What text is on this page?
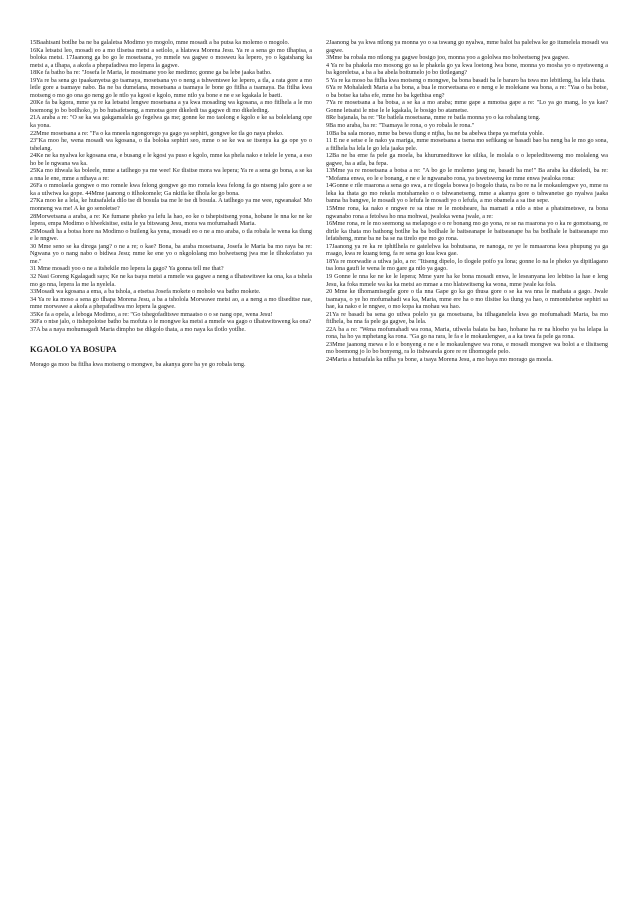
15Baahisani botlhe ba ne ba galaletsa Modimo yo mogolo, mme mosadi a ba putsa ka molemo o mogolo.

16Ka letsatsi leo, mosadi eo a mo tlisetsa metsi a setlolo, a hlatswa Morena Jesu. Ya re a sena go mo tlhapisa, a boloka metsi. 17Jaanong ga bo go le mosetsana, yo mmele wa gagwe o mosweu ka lepero, yo o kgatshang ka metsi a, a tlhapa, a akofa a phepafadiwa mo lepera la gagwe.

18Ke fa batho ba re: "Josefa le Maria, le mosimane yoo ke medimo; gonne ga ba lebe jaaka batho.

19Ya re ba sena go ipaakanyetsa go tsamaya, mosetsana yo o neng a tshwentswe ke lepero, a tla, a rata gore a mo letle gore a tsamaye nabo. Ba ne ba dumelana, mosetsana a tsamaya le bone go fitlha a tsamaya. Ba fitlha kwa motseng o mo go ona go neng go le ntlo ya kgosi e kgolo, mme ntlo ya bone e ne e se kgakala le baeti.

20Ke fa ba kgora, mme ya re ka letsatsi lengwe mosetsana a ya kwa mosading wa kgosana, a mo fitlhela a le mo boemong jo bo botlhoko, jo bo hutsafetseng, a mmotsa gore dikeledi tsa gagwe di mo dikeleding.

21A araba a re: "O se ka wa gakgamalela go fegelwa ga me; gonne ke mo taolong e kgolo e ke sa bolelelang ope ka yona.

22Mme mosetsana a re: "Fa o ka mneela ngongorego ya gago ya sephiri, gongwe ke tla go naya pheko.

23"Ka moo he, wena mosadi wa kgosana, o tla boloka sephiri seo, mme o se ke wa se itsenya ka ga ope yo o tshelang.

24Ke ne ka nyalwa ke kgosana ena, e busang e le kgosi ya puso e kgolo, mme ka phela nako e telele le yena, a eso ho be le ngwana wa ka.

25Ka mo ithwala ka boleele, mme a tatlhego ya me wee! Ke tlisitse mora wa lepera; Ya re a sena go bona, a se ka a nna le ene, mme a nthaya a re:

26Fa o mmolaela gongwe o mo romele kwa felong gongwe go mo romela kwa felong fa go ntseng jalo gore a se ka a utlwiwa ka gope. 44Mme jaanong o itlhokomele; Ga nkitla ke tlhola ke go bona.

27Ka moo ke a lela, ke hutsafalela dilo tse di bosula tsa me le tse di bosula. A tatlhego ya me wee, ngwanaka! Mo monneng wa me! A ke go senoletse?

28Morwetsana a araba, a re: Ke fumane pheko ya lefu la hao, eo ke o tshepisitseng yona, hobane le nna ke ne ke lepera, empa Modimo o hlwekisitse, esita le ya bitswang Jesu, mora wa mofumahadi Maria.

29Mosadi ha a botsa hore na Modimo o buileng ka yena, mosadi eo o ne a mo araba, o tla robala le wena ka tlung e le nngwe.

30 Mme seno se ka direga jang? o ne a re; o kae? Bona, ba araba mosetsana, Josefa le Maria ba mo raya ba re: Ngwana yo o nang nabo o bidiwa Jesu; mme ke ene yo o nkgololang mo bolwetseng jwa me le tlhokofatso ya me."

31 Mme mosadi yoo o ne a itshekile mo lepera la gago? Ya gonna tell me that?

32 Nasi Goreng Kgalagadi says; Ke ne ka tsaya metsi a mmele wa gagwe a neng a tlhatswitswe ka ona, ka a tshela mo go nna, lepera la me la nyelela.

33Mosadi wa kgosana a ema, a ba tshola, a etsetsa Josefa mokete o moholo wa batho mokete.

34 Ya re ka moso a sena go tlhapa Morena Jesu, a ba a tsholola Morwawe metsi ao, a a neng a mo tliseditse nae, mme morwawe a akofa a phepafadiwa mo lepera la gagwe.

35Ke fa a opela, a leboga Modimo, a re: "Go tshegofaditswe mmaatso o o se nang ope, wena Jesu!

36Fa o ntse jalo, o itshepolotse batho ba mofuta o le mongwe ka metsi a mmele wa gago o tlhatswitsweng ka ona?

37A ba a naya mohumagadi Maria dimpho tse dikgolo thata, a mo naya ka tlotlo yotlhe.

KGAOLO YA BOSUPA

Morago ga moo ba fitlha kwa motseng o mongwe, ba akanya gore ba ye go robala teng.

2Jaanong ba ya kwa ntlong ya monna yo o sa tswang go nyalwa, mme baloi ba palelwa ke go itumelela mosadi wa gagwe.

3Mme ba robala mo ntlong ya gagwe bosigo joo, monna yoo a gololwa mo bolwetseng jwa gagwe.

4 Ya re ba phakela mo mosong go sa le phakela go ya kwa loetong lwa bone, monna yo mosha yo o nyetsweng a ba kgoreletsa, a ba a ba abela boitumelo jo bo tlotlegang?

5 Ya re ka moso ba fitlha kwa motseng o mongwe, ba bona basadi ba le bararo ba tswa mo lebitleng, ba lela thata.

6Ya re Mohalaledi Maria a ba bona, a bua le morwetsana eo e neng e le molekane wa bona, a re: "Yaa o ba botse, o ba botse ka taba efe, mme ho ba kgethisa eng?

7Ya re mosetsana a ba botsa, a se ka a mo araba; mme gape a mmotsa gape a re: "Lo ya go mang, lo ya kae? Gonne letsatsi le ntse le le kgakala, le bosigo bo atametse.

8Re bajanala, ba re: "Re batlela mosetsana, mme re batla monna yo o ka robalang teng.

9Ba mo araba, ba re: "Tsamaya le rona, o yo robala le rona."

10Ba ba sala morao, mme ba bewa tlung e ntjha, ba ne ba abelwa thepa ya mefuta yohle.

11 E ne e setse e le nako ya mariga, mme mosetsana a tsena mo sefikang se basadi bao ba neng ba le mo go sona, a fitlhela ba lela le go lela jaaka pele.

12Ba ne ba eme fa pele ga moela, ba khurumeditswe ke silika, le molala o o lepeleditsweng mo molaleng wa gagwe, ba a atla, ba fepa.

13Mme ya re mosetsana a botsa a re: "A bo go le molemo jang ne, basadi ba me!" Ba araba ka dikeledi, ba re: "Mofama enwa, eo le e bonang, e ne e le ngwanabo rona, ya tswetsweng ke mme enwa jwaloka rona:

14Gonne e rile rraarona a sena go swa, a re tlogela boswa jo bogolo thata, ra bo re na le mokaulengwe yo, mme ra leka ka thata go mo rekela motshameko o o tshwanetseng, mme a akanya gore o tshwanetse go nyalwa jaaka banna ba bangwe, le mosadi yo o lefufa le mosadi yo o lefufa, a mo obamela a sa itse sepe.

15Mme rona, ka nako e nngwe re sa ntse re le motsheare, ha mamati a ntlo a ntse a phatsimetswe, ra bona ngwanabo rona a fetolwa ho nna mohwai, jwaloka wena jwale, a re:

16Mme rona, re le mo seemong sa melapogo e o re bonang mo go yona, re se na rraarona yo o ka re gomotsang, re dirile ka thata mo bathong botlhe ba ba botlhale le baitseanape le baitseanape ba ba botlhale le baitseanape mo lefatsheng, mme ba ne ba se na tirelo epe mo go rona.

17Jaanong ya re ka re iphitlhela re gatelelwa ka bohutsana, re nanoga, re ye le mmaarona kwa phupung ya ga rraago, kwa re kuang teng, fa re sena go kua kwa gae.

18Ya re morwadie a utlwa jalo, a re: "Itiseng dipelo, lo tlogele poifo ya lona; gonne lo na le pheko ya dipitlagano tsa lona gaufi le wena le mo gare ga ntlo ya gago.

19 Gonne le nna ke ne ke le lepera; Mme yare ha ke bona mosadi enwa, le leseanyana leo lebitso la hae e leng Jesu, ka foka mmele wa ka ka metsi ao mmae a mo hlatswitseng ka wona, mme jwale ka fola.

20 Mme ke tlhomamisegile gore o tla nna Gape go ka go thusa gore o se ka wa nna le mathata a gago. Jwale tsamaya, o ye ho mofumahadi wa ka, Maria, mme ere ha o mo tlisitse ka tlung ya hao, o mmontshetse sephiri sa hae, ka nako e le nngwe, o mo kopa ka mohau wa hao.

21Ya re basadi ba sena go utlwa polelo ya ga mosetsana, ba itlhaganelela kwa go mofumahadi Maria, ba mo fitlhela, ba nna fa pele ga gagwe, ba lela.

22A ba a re: "Wena mofumahadi wa rona, Maria, utlwela balata ba hao, hobane ha re na hloeho ya ba lelapa la rona, ha ho ya mphetang ka rona. "Ga go na rara, le fa e le mokaulengwe, a a ka tswa fa pele ga rona.

23Mme jaanong mewa e lo e bonyeng e ne e le mokaulengwe wa rona, e mosadi mongwe wa boloi a e tlisitseng mo boemong jo lo bo bonyeng, ra lo itshwarela gore re re tlhomogele pelo.

24Maria a hutsafala ka ntlha ya bone, a tsaya Morena Jesu, a mo baya mo morago ga moela.
